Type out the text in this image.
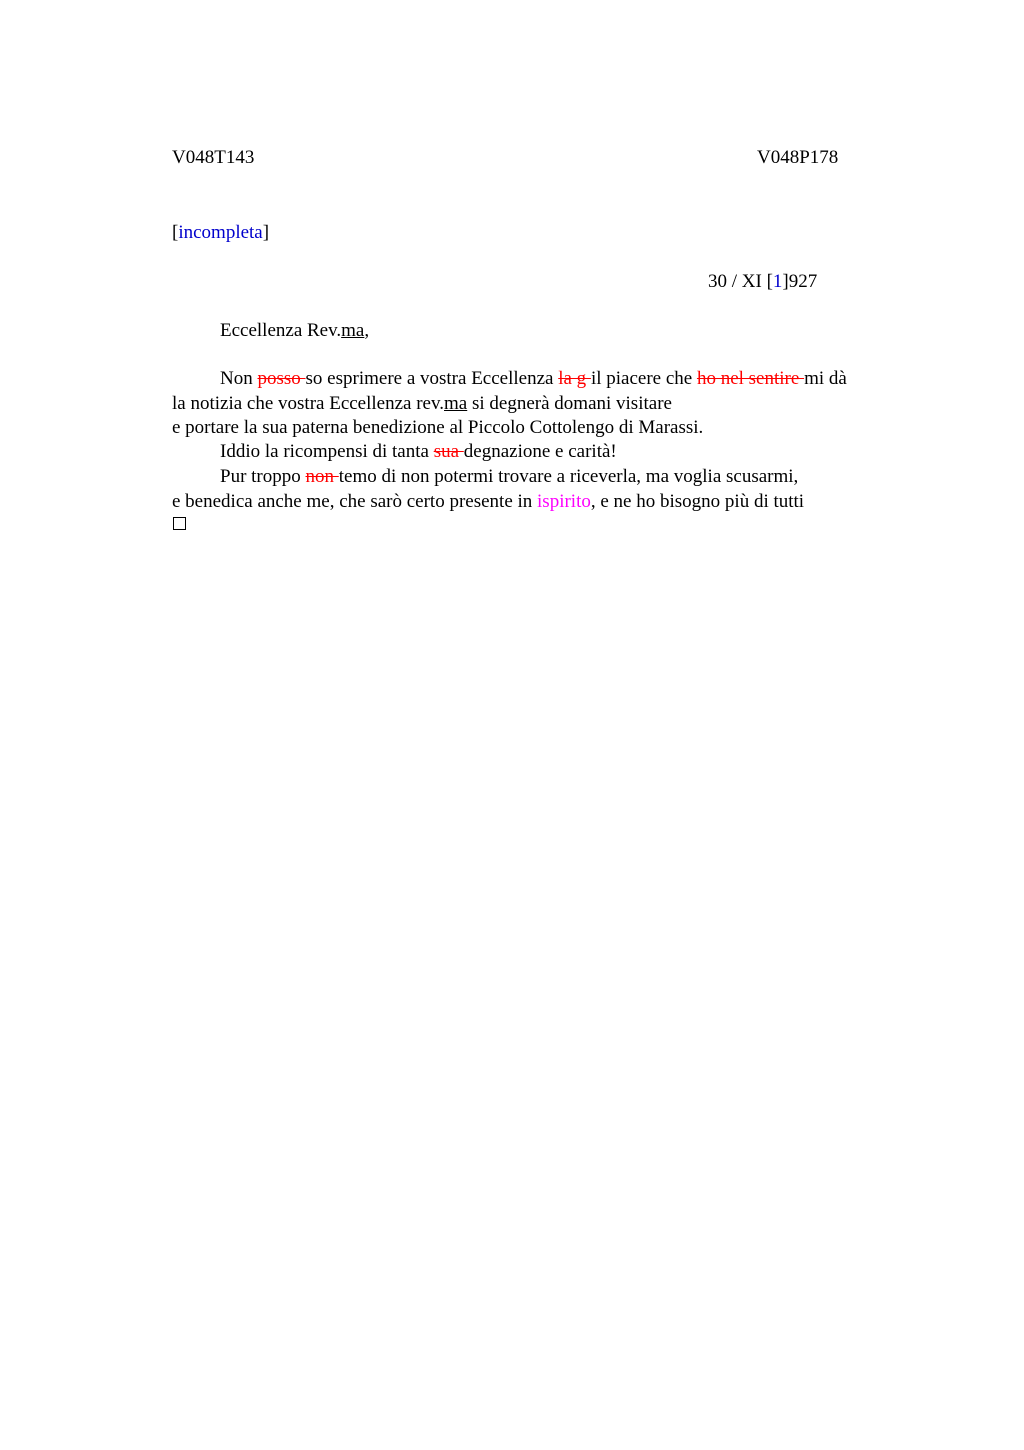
V048T143	V048P178
[incompleta]
30 / XI [1]927
Eccellenza Rev.ma,
Non posso so esprimere a vostra Eccellenza la g il piacere che ho nel sentire mi dà
la notizia che vostra Eccellenza rev.ma si degnerà domani visitare
e portare la sua paterna benedizione al Piccolo Cottolengo di Marassi.
Iddio la ricompensi di tanta sua degnazione e carità!
Pur troppo non temo di non potermi trovare a riceverla, ma voglia scusarmi,
e benedica anche me, che sarò certo presente in ispirito, e ne ho bisogno più di tutti
